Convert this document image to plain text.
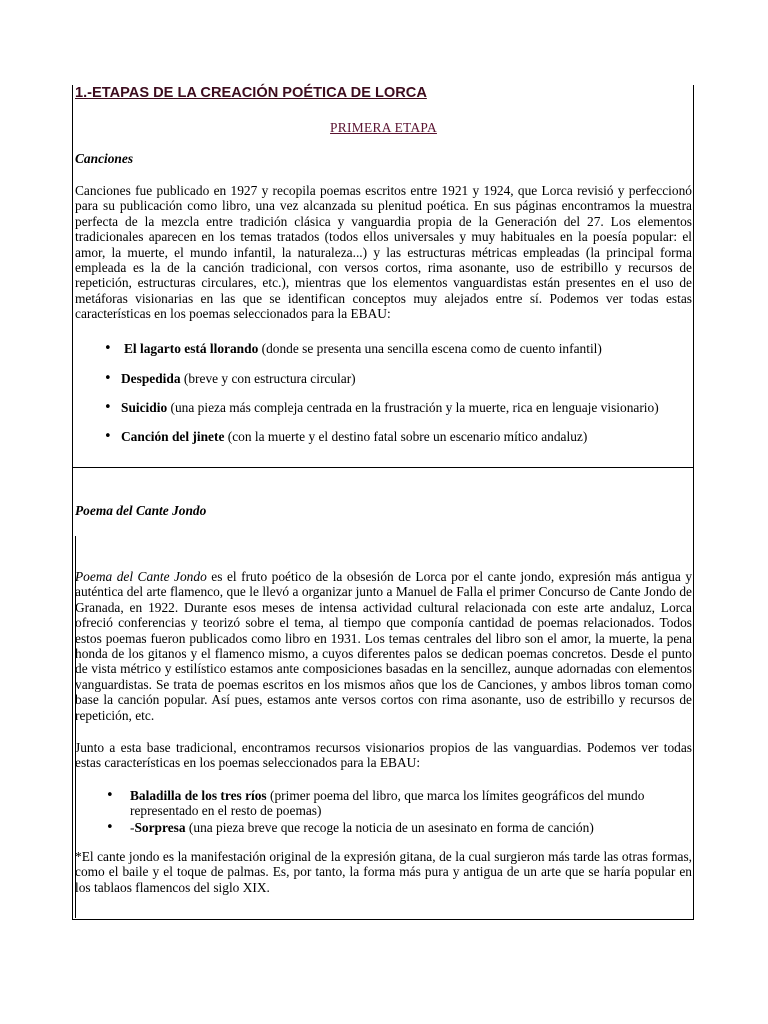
1.-ETAPAS DE LA CREACIÓN POÉTICA DE LORCA
PRIMERA ETAPA
Canciones

Canciones fue publicado en 1927 y recopila poemas escritos entre 1921 y 1924, que Lorca revisió y perfeccionó para su publicación como libro, una vez alcanzada su plenitud poética. En sus páginas encontramos la muestra perfecta de la mezcla entre tradición clásica y vanguardia propia de la Generación del 27. Los elementos tradicionales aparecen en los temas tratados (todos ellos universales y muy habituales en la poesía popular: el amor, la muerte, el mundo infantil, la naturaleza...) y las estructuras métricas empleadas (la principal forma empleada es la de la canción tradicional, con versos cortos, rima asonante, uso de estribillo y recursos de repetición, estructuras circulares, etc.), mientras que los elementos vanguardistas están presentes en el uso de metáforas visionarias en las que se identifican conceptos muy alejados entre sí. Podemos ver todas estas características en los poemas seleccionados para la EBAU:

• El lagarto está llorando (donde se presenta una sencilla escena como de cuento infantil)
• Despedida (breve y con estructura circular)
• Suicidio (una pieza más compleja centrada en la frustración y la muerte, rica en lenguaje visionario)
• Canción del jinete (con la muerte y el destino fatal sobre un escenario mítico andaluz)
Poema del Cante Jondo

Poema del Cante Jondo es el fruto poético de la obsesión de Lorca por el cante jondo, expresión más antigua y auténtica del arte flamenco, que le llevó a organizar junto a Manuel de Falla el primer Concurso de Cante Jondo de Granada, en 1922. Durante esos meses de intensa actividad cultural relacionada con este arte andaluz, Lorca ofreció conferencias y teorizó sobre el tema, al tiempo que componía cantidad de poemas relacionados. Todos estos poemas fueron publicados como libro en 1931. Los temas centrales del libro son el amor, la muerte, la pena honda de los gitanos y el flamenco mismo, a cuyos diferentes palos se dedican poemas concretos. Desde el punto de vista métrico y estilístico estamos ante composiciones basadas en la sencillez, aunque adornadas con elementos vanguardistas. Se trata de poemas escritos en los mismos años que los de Canciones, y ambos libros toman como base la canción popular. Así pues, estamos ante versos cortos con rima asonante, uso de estribillo y recursos de repetición, etc.

Junto a esta base tradicional, encontramos recursos visionarios propios de las vanguardias. Podemos ver todas estas características en los poemas seleccionados para la EBAU:

• Baladilla de los tres ríos (primer poema del libro, que marca los límites geográficos del mundo representado en el resto de poemas)
• -Sorpresa (una pieza breve que recoge la noticia de un asesinato en forma de canción)

*El cante jondo es la manifestación original de la expresión gitana, de la cual surgieron más tarde las otras formas, como el baile y el toque de palmas. Es, por tanto, la forma más pura y antigua de un arte que se haría popular en los tablaos flamencos del siglo XIX.
